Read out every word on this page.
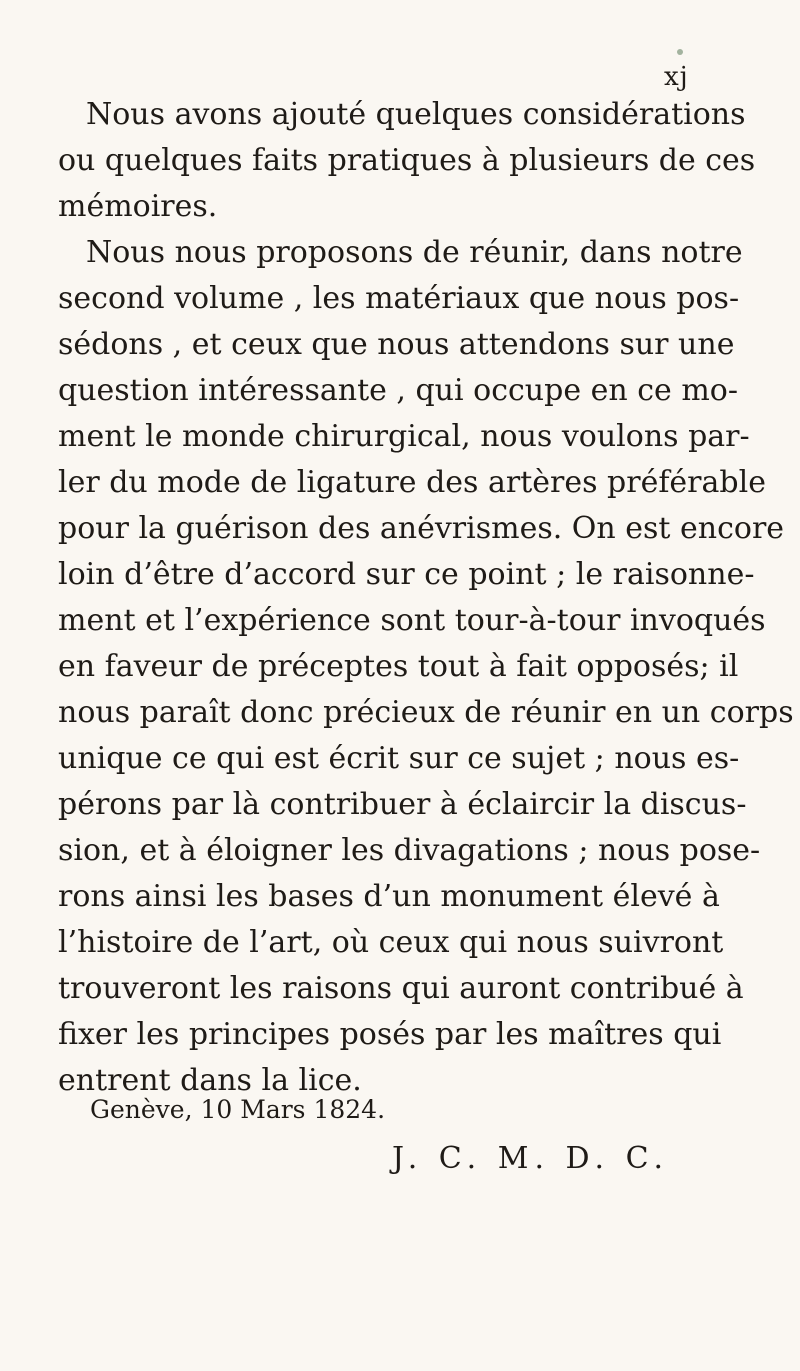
xj
Nous avons ajouté quelques considérations
ou quelques faits pratiques à plusieurs de ces
mémoires.
Nous nous proposons de réunir, dans notre
second volume , les matériaux que nous pos-
sédons , et ceux que nous attendons sur une
question intéressante , qui occupe en ce mo-
ment le monde chirurgical, nous voulons par-
ler du mode de ligature des artères préférable
pour la guérison des anévrismes. On est encore
loin d’être d’accord sur ce point ; le raisonne-
ment et l’expérience sont tour-à-tour invoqués
en faveur de préceptes tout à fait opposés; il
nous paraît donc précieux de réunir en un corps
unique ce qui est écrit sur ce sujet ; nous es-
pérons par là contribuer à éclaircir la discus-
sion, et à éloigner les divagations ; nous pose-
rons ainsi les bases d’un monument élevé à
l’histoire de l’art, où ceux qui nous suivront
trouveront les raisons qui auront contribué à
fixer les principes posés par les maîtres qui
entrent dans la lice.
Genève, 10 Mars 1824.
J. C. M. D. C.
